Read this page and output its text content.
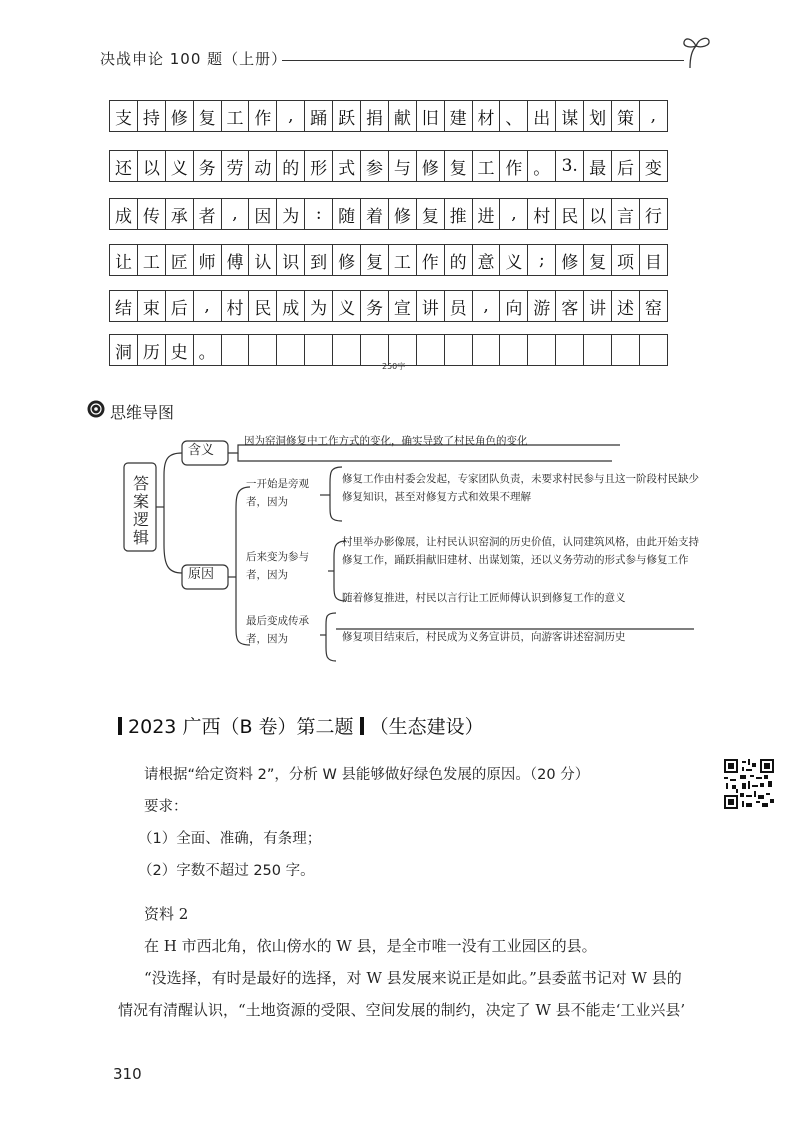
决战申论 100 题（上册）
支 持 修 复 工 作 , 踊 跃 捐 献 旧 建 材 、 出 谋 划 策 ,
还 以 义 务 劳 动 的 形 式 参 与 修 复 工 作 。 3. 最 后 变
成 传 承 者 , 因 为 : 随 着 修 复 推 进 , 村 民 以 言 行
让 工 匠 师 傅 认 识 到 修 复 工 作 的 意 义 ; 修 复 项 目
结 束 后 , 村 民 成 为 义 务 宣 讲 员 , 向 游 客 讲 述 窑
洞 历 史 。
250字
思维导图
答案逻辑
含义
因为窑洞修复中工作方式的变化，确实导致了村民角色的变化
原因
一开始是旁观者，因为
修复工作由村委会发起，专家团队负责，未要求村民参与且这一阶段村民缺少修复知识，甚至对修复方式和效果不理解
后来变为参与者，因为
村里举办影像展，让村民认识窑洞的历史价值，认同建筑风格，由此开始支持修复工作，踊跃捐献旧建材、出谋划策，还以义务劳动的形式参与修复工作
最后变成传承者，因为
随着修复推进，村民以言行让工匠师傅认识到修复工作的意义
修复项目结束后，村民成为义务宣讲员，向游客讲述窑洞历史
2023 广西（B 卷）第二题 （生态建设）
请根据“给定资料 2”，分析 W 县能够做好绿色发展的原因。（20 分）
要求：
（1）全面、准确，有条理；
（2）字数不超过 250 字。
资料 2
在 H 市西北角，依山傍水的 W 县，是全市唯一没有工业园区的县。
“没选择，有时是最好的选择，对 W 县发展来说正是如此。”县委蓝书记对 W 县的
情况有清醒认识，“土地资源的受限、空间发展的制约，决定了 W 县不能走‘工业兴县’
310
